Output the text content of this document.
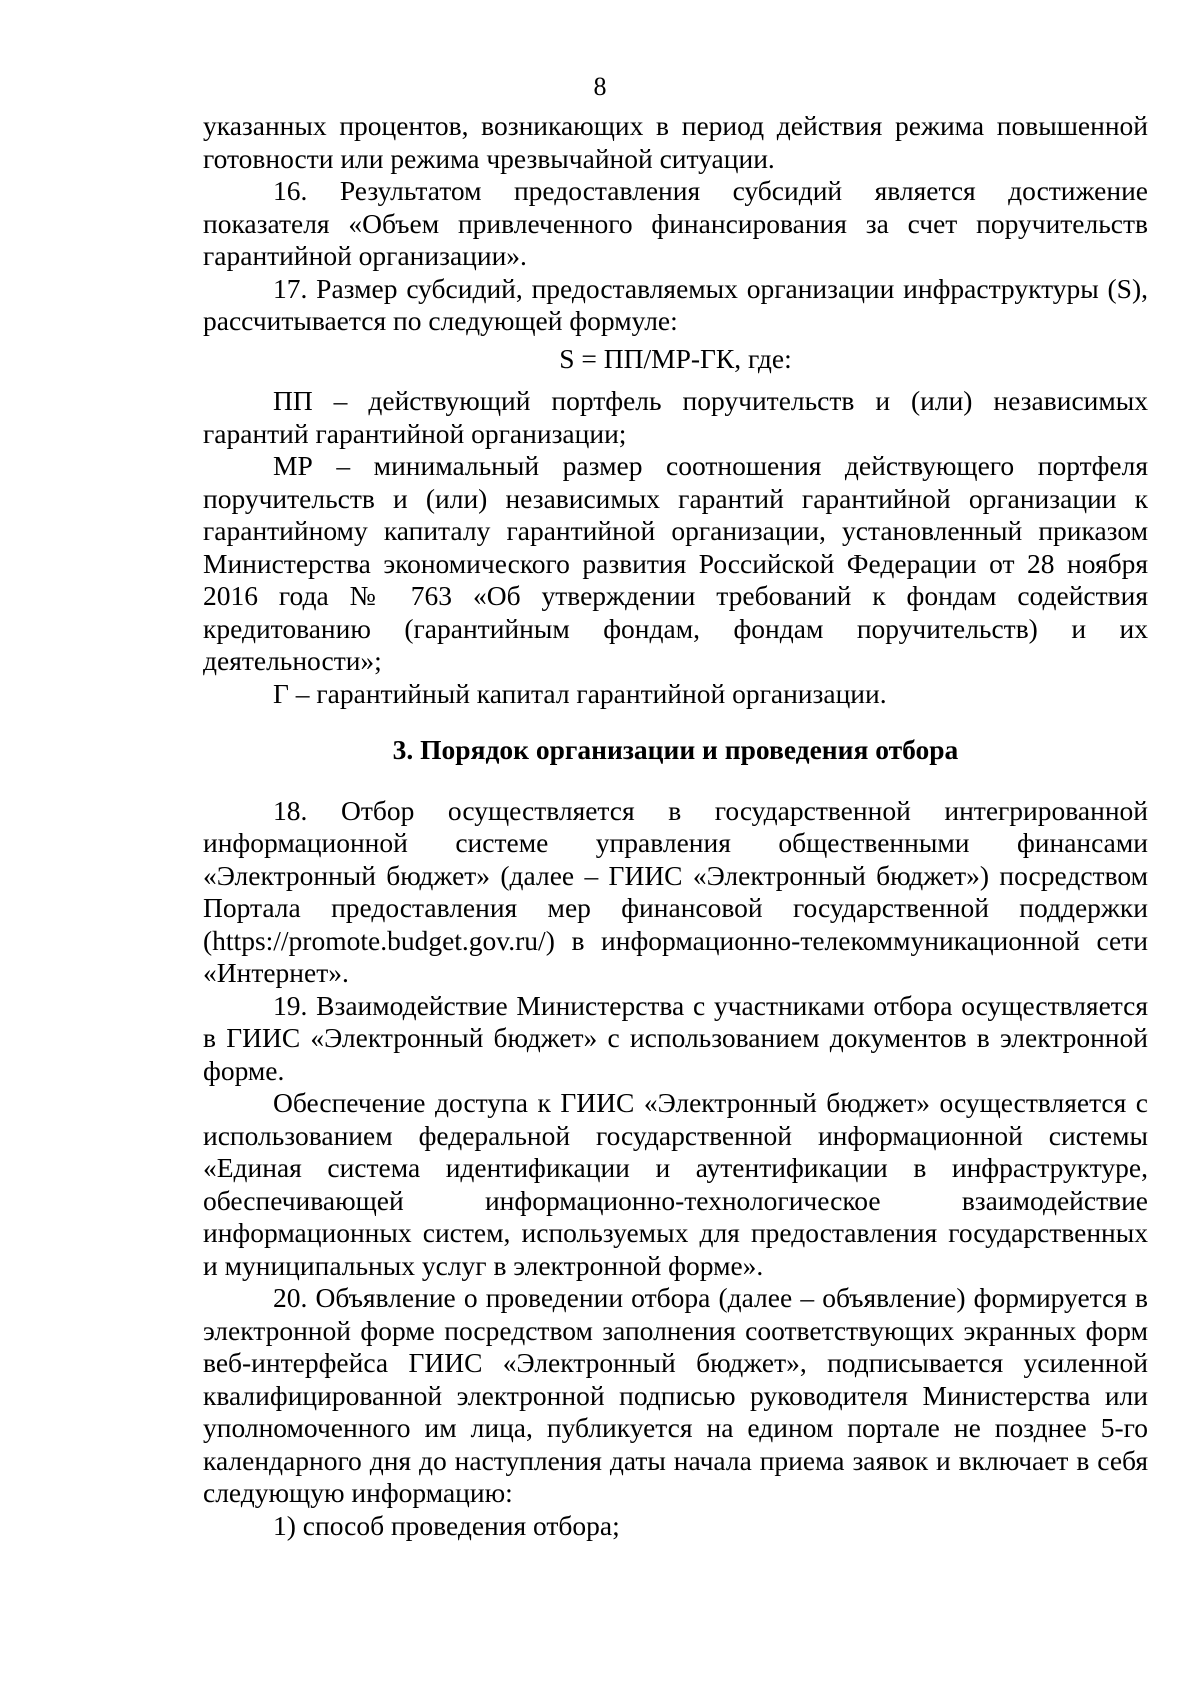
8

указанных процентов, возникающих в период действия режима повышенной готовности или режима чрезвычайной ситуации.

16. Результатом предоставления субсидий является достижение показателя «Объем привлеченного финансирования за счет поручительств гарантийной организации».

17. Размер субсидий, предоставляемых организации инфраструктуры (S), рассчитывается по следующей формуле:

S = ПП/МР-ГК, где:

ПП – действующий портфель поручительств и (или) независимых гарантий гарантийной организации;

МР – минимальный размер соотношения действующего портфеля поручительств и (или) независимых гарантий гарантийной организации к гарантийному капиталу гарантийной организации, установленный приказом Министерства экономического развития Российской Федерации от 28 ноября 2016 года № 763 «Об утверждении требований к фондам содействия кредитованию (гарантийным фондам, фондам поручительств) и их деятельности»;

Г – гарантийный капитал гарантийной организации.

3. Порядок организации и проведения отбора

18. Отбор осуществляется в государственной интегрированной информационной системе управления общественными финансами «Электронный бюджет» (далее – ГИИС «Электронный бюджет») посредством Портала предоставления мер финансовой государственной поддержки (https://promote.budget.gov.ru/) в информационно-телекоммуникационной сети «Интернет».

19. Взаимодействие Министерства с участниками отбора осуществляется в ГИИС «Электронный бюджет» с использованием документов в электронной форме.

Обеспечение доступа к ГИИС «Электронный бюджет» осуществляется с использованием федеральной государственной информационной системы «Единая система идентификации и аутентификации в инфраструктуре, обеспечивающей информационно-технологическое взаимодействие информационных систем, используемых для предоставления государственных и муниципальных услуг в электронной форме».

20. Объявление о проведении отбора (далее – объявление) формируется в электронной форме посредством заполнения соответствующих экранных форм веб-интерфейса ГИИС «Электронный бюджет», подписывается усиленной квалифицированной электронной подписью руководителя Министерства или уполномоченного им лица, публикуется на едином портале не позднее 5-го календарного дня до наступления даты начала приема заявок и включает в себя следующую информацию:

1) способ проведения отбора;
